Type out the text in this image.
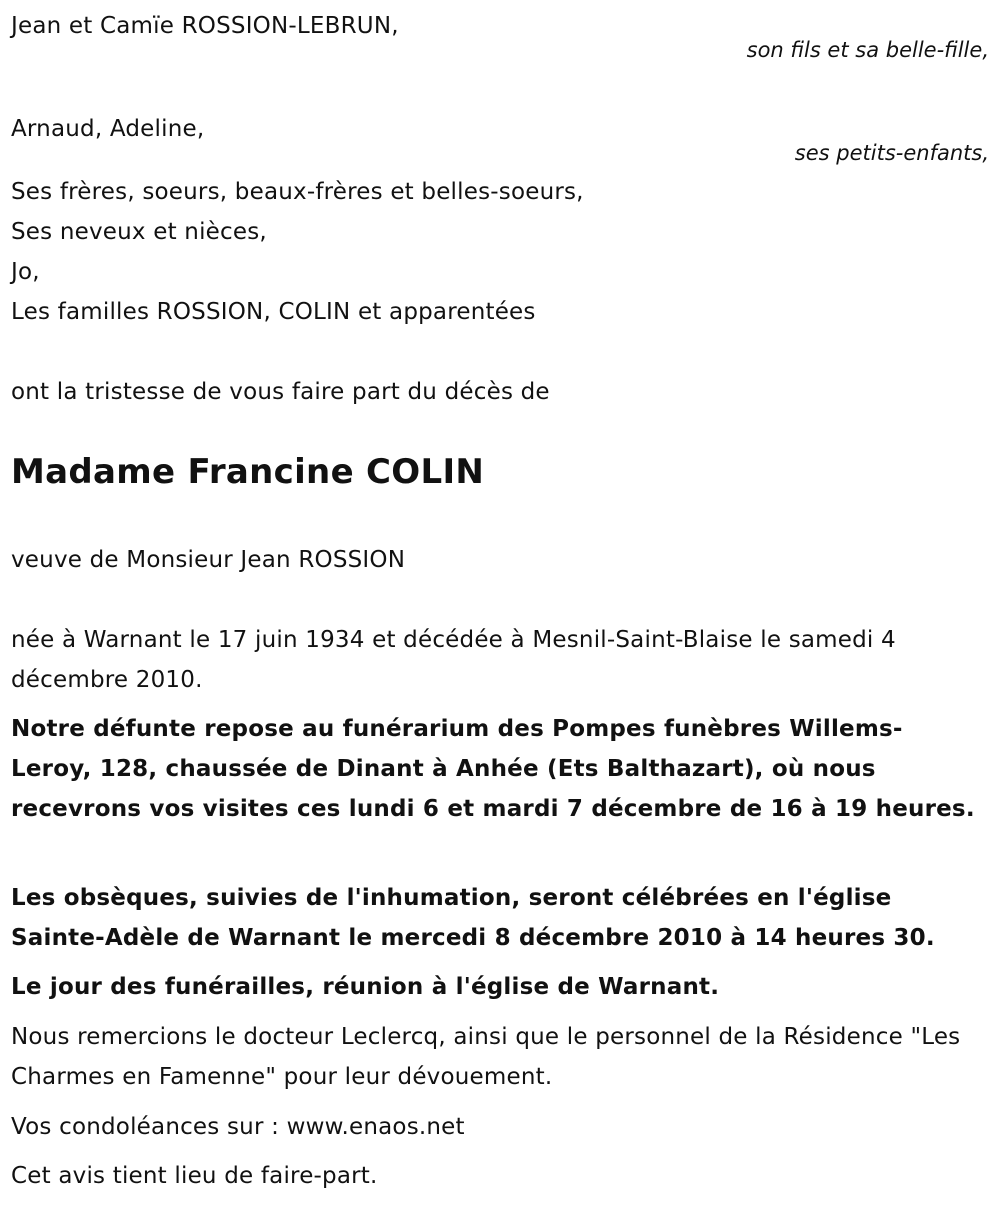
Jean et Camïe ROSSION-LEBRUN,
son fils et sa belle-fille,
Arnaud, Adeline,
ses petits-enfants,
Ses frères, soeurs, beaux-frères et belles-soeurs,
Ses neveux et nièces,
Jo,
Les familles ROSSION, COLIN et apparentées
ont la tristesse de vous faire part du décès de
Madame Francine COLIN
veuve de Monsieur Jean ROSSION
née à Warnant le 17 juin 1934 et décédée à Mesnil-Saint-Blaise le samedi 4 décembre 2010.
Notre défunte repose au funérarium des Pompes funèbres Willems-Leroy, 128, chaussée de Dinant à Anhée (Ets Balthazart), où nous recevrons vos visites ces lundi 6 et mardi 7 décembre de 16 à 19 heures.
Les obsèques, suivies de l'inhumation, seront célébrées en l'église Sainte-Adèle de Warnant le mercedi 8 décembre 2010 à 14 heures 30.
Le jour des funérailles, réunion à l'église de Warnant.
Nous remercions le docteur Leclercq, ainsi que le personnel de la Résidence "Les Charmes en Famenne" pour leur dévouement.
Vos condoléances sur : www.enaos.net
Cet avis tient lieu de faire-part.
